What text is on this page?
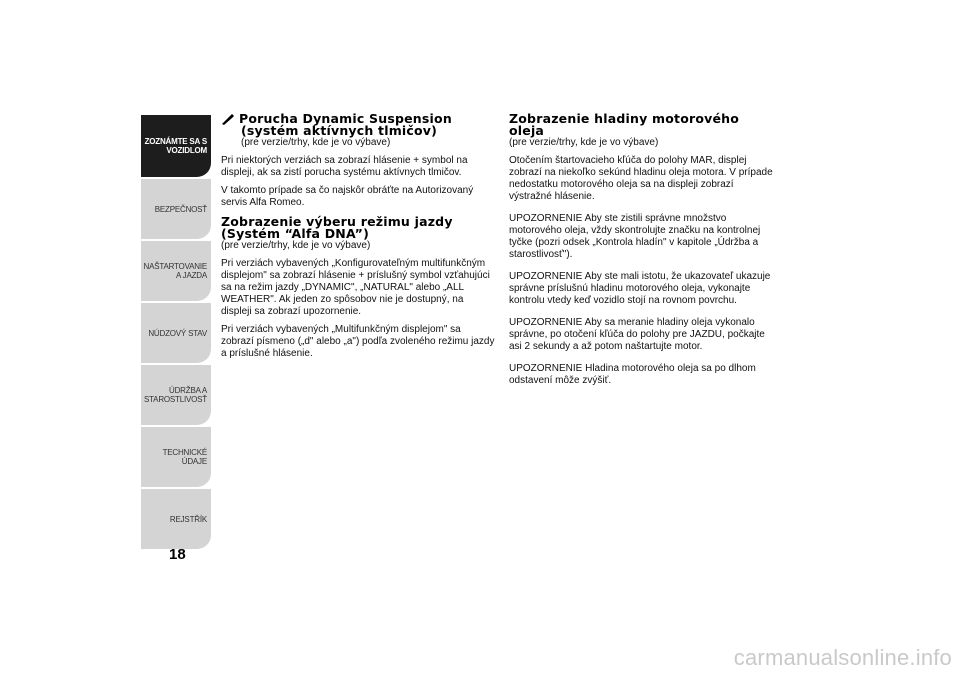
ZOZNÁMTE SA S VOZIDLOM
BEZPEČNOSŤ
NAŠTARTOVANIE A JAZDA
NÚDZOVÝ STAV
ÚDRŽBA A STAROSTLIVOSŤ
TECHNICKÉ ÚDAJE
REJSTŘÍK
18
Porucha Dynamic Suspension
(systém aktívnych tlmičov)
(pre verzie/trhy, kde je vo výbave)

Pri niektorých verziách sa zobrazí hlásenie + symbol na displeji, ak sa zistí porucha systému aktívnych tlmičov.

V takomto prípade sa čo najskôr obráťte na Autorizovaný servis Alfa Romeo.

Zobrazenie výberu režimu jazdy
(Systém “Alfa DNA”)
(pre verzie/trhy, kde je vo výbave)

Pri verziách vybavených „Konfigurovateľným multifunkčným displejom" sa zobrazí hlásenie + príslušný symbol vzťahujúci sa na režim jazdy „DYNAMIC", „NATURAL" alebo „ALL WEATHER". Ak jeden zo spôsobov nie je dostupný, na displeji sa zobrazí upozornenie.

Pri verziách vybavených „Multifunkčným displejom" sa zobrazí písmeno („d" alebo „a") podľa zvoleného režimu jazdy a príslušné hlásenie.

Zobrazenie hladiny motorového
oleja
(pre verzie/trhy, kde je vo výbave)

Otočením štartovacieho kľúča do polohy MAR, displej zobrazí na niekoľko sekúnd hladinu oleja motora. V prípade nedostatku motorového oleja sa na displeji zobrazí výstražné hlásenie.

UPOZORNENIE Aby ste zistili správne množstvo motorového oleja, vždy skontrolujte značku na kontrolnej tyčke (pozri odsek „Kontrola hladín" v kapitole „Údržba a starostlivosť").

UPOZORNENIE Aby ste mali istotu, že ukazovateľ ukazuje správne príslušnú hladinu motorového oleja, vykonajte kontrolu vtedy keď vozidlo stojí na rovnom povrchu.

UPOZORNENIE Aby sa meranie hladiny oleja vykonalo správne, po otočení kľúča do polohy pre JAZDU, počkajte asi 2 sekundy a až potom naštartujte motor.

UPOZORNENIE Hladina motorového oleja sa po dlhom odstavení môže zvýšiť.

carmanualsonline.info
